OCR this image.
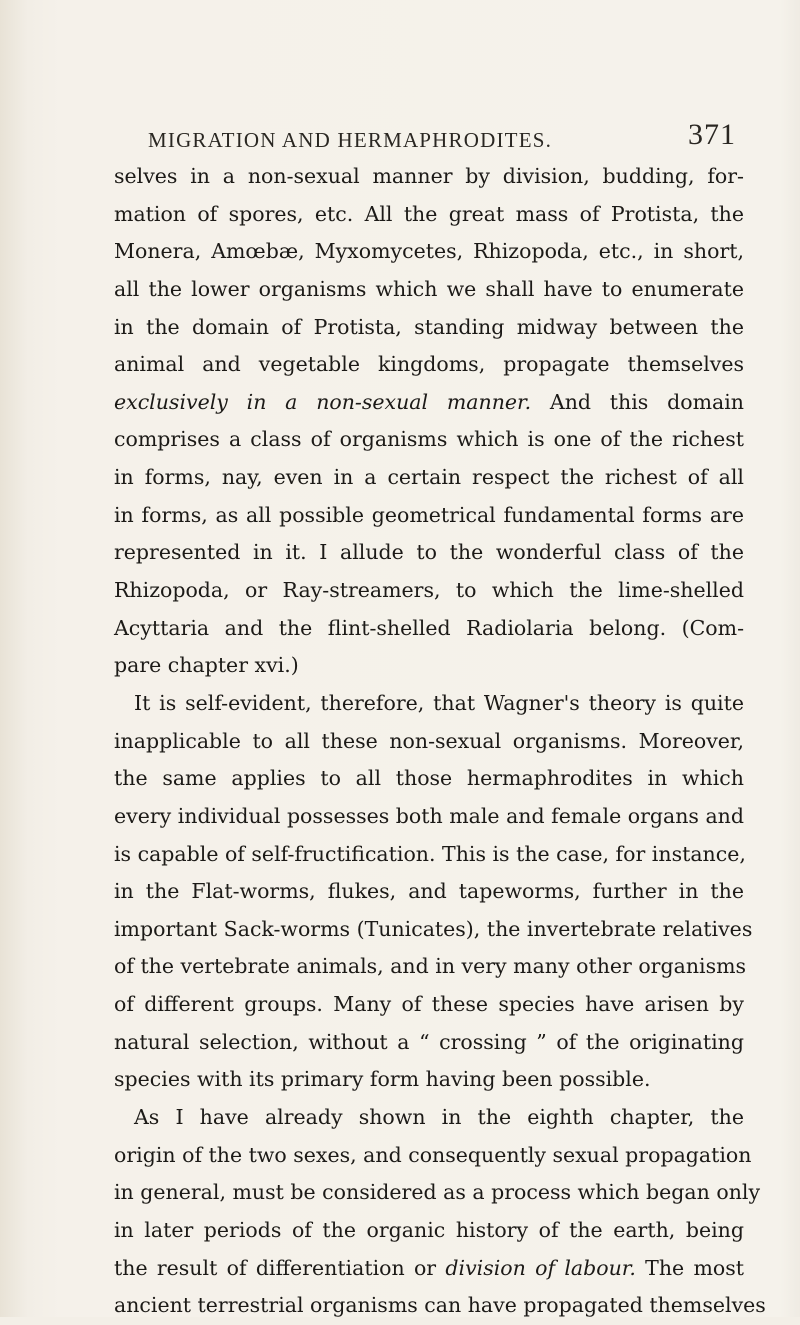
MIGRATION AND HERMAPHRODITES.	371
selves in a non-sexual manner by division, budding, for-
mation of spores, etc. All the great mass of Protista, the
Monera, Amœbæ, Myxomycetes, Rhizopoda, etc., in short,
all the lower organisms which we shall have to enumerate
in the domain of Protista, standing midway between the
animal and vegetable kingdoms, propagate themselves
exclusively in a non-sexual manner. And this domain
comprises a class of organisms which is one of the richest
in forms, nay, even in a certain respect the richest of all
in forms, as all possible geometrical fundamental forms are
represented in it. I allude to the wonderful class of the
Rhizopoda, or Ray-streamers, to which the lime-shelled
Acyttaria and the flint-shelled Radiolaria belong. (Com-
pare chapter xvi.)
It is self-evident, therefore, that Wagner's theory is quite
inapplicable to all these non-sexual organisms. Moreover,
the same applies to all those hermaphrodites in which
every individual possesses both male and female organs and
is capable of self-fructification. This is the case, for instance,
in the Flat-worms, flukes, and tapeworms, further in the
important Sack-worms (Tunicates), the invertebrate relatives
of the vertebrate animals, and in very many other organisms
of different groups. Many of these species have arisen by
natural selection, without a “ crossing ” of the originating
species with its primary form having been possible.
As I have already shown in the eighth chapter, the
origin of the two sexes, and consequently sexual propagation
in general, must be considered as a process which began only
in later periods of the organic history of the earth, being
the result of differentiation or division of labour. The most
ancient terrestrial organisms can have propagated themselves
